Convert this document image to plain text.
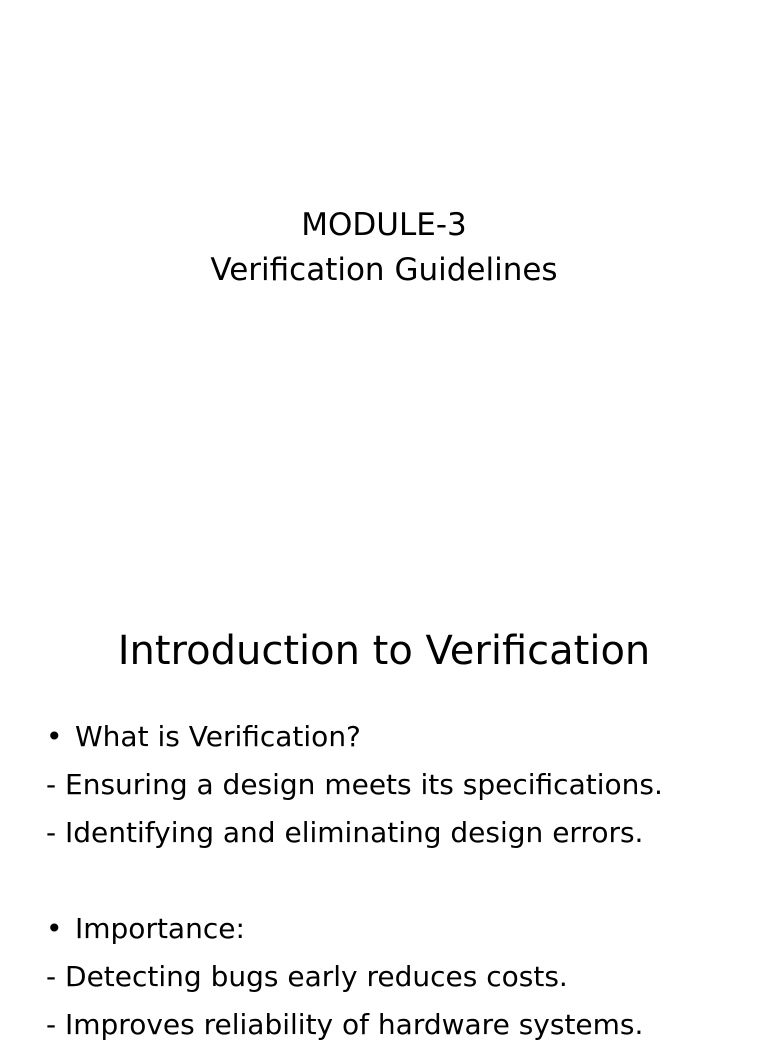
MODULE-3
Verification Guidelines
Introduction to Verification
• What is Verification?
- Ensuring a design meets its specifications.
- Identifying and eliminating design errors.
• Importance:
- Detecting bugs early reduces costs.
- Improves reliability of hardware systems.
